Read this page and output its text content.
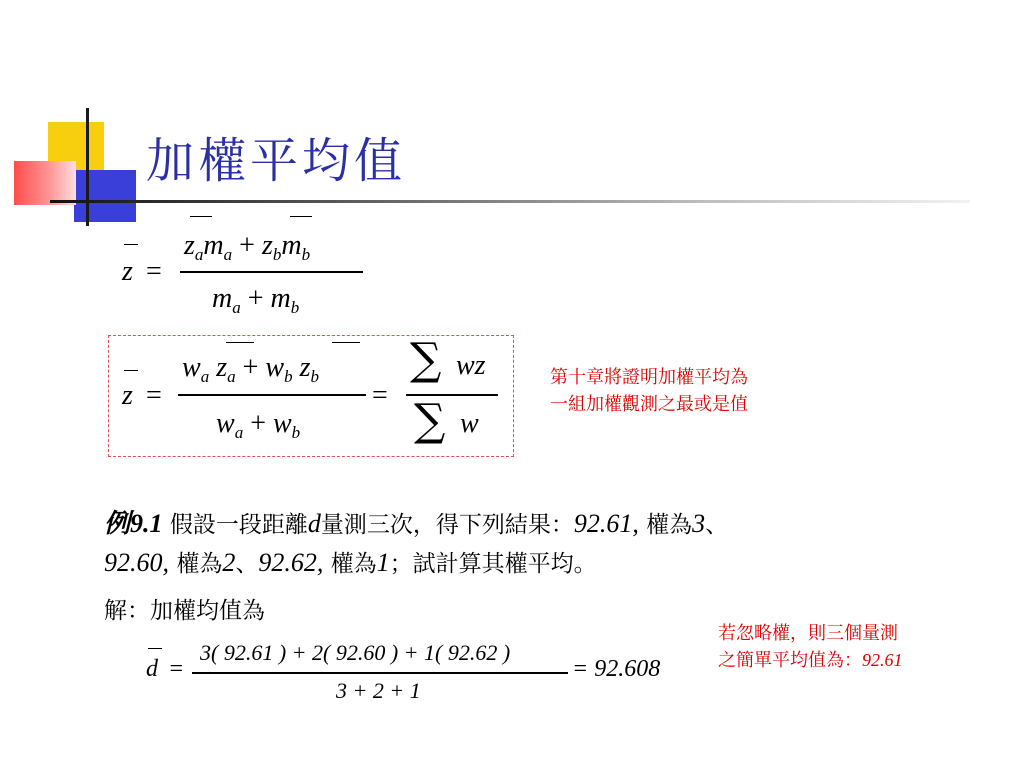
加權平均值
z =
$z_am_a + z_bm_b$
$m_a + m_b$
z =
$w_a$ $z_a + w_b$ $z_b$
$w_a + w_b$
=
∑ wz
∑ w
第十章將證明加權平均為
一組加權觀測之最或是值
例9.1 假設一段距離d量測三次，得下列結果：92.61, 權為3、
92.60, 權為2、92.62, 權為1；試計算其權平均。
解：加權均值為
d =
3( 92.61 ) + 2( 92.60 ) + 1( 92.62 )
3 + 2 + 1
= 92.608
若忽略權，則三個量測
之簡單平均值為：92.61
